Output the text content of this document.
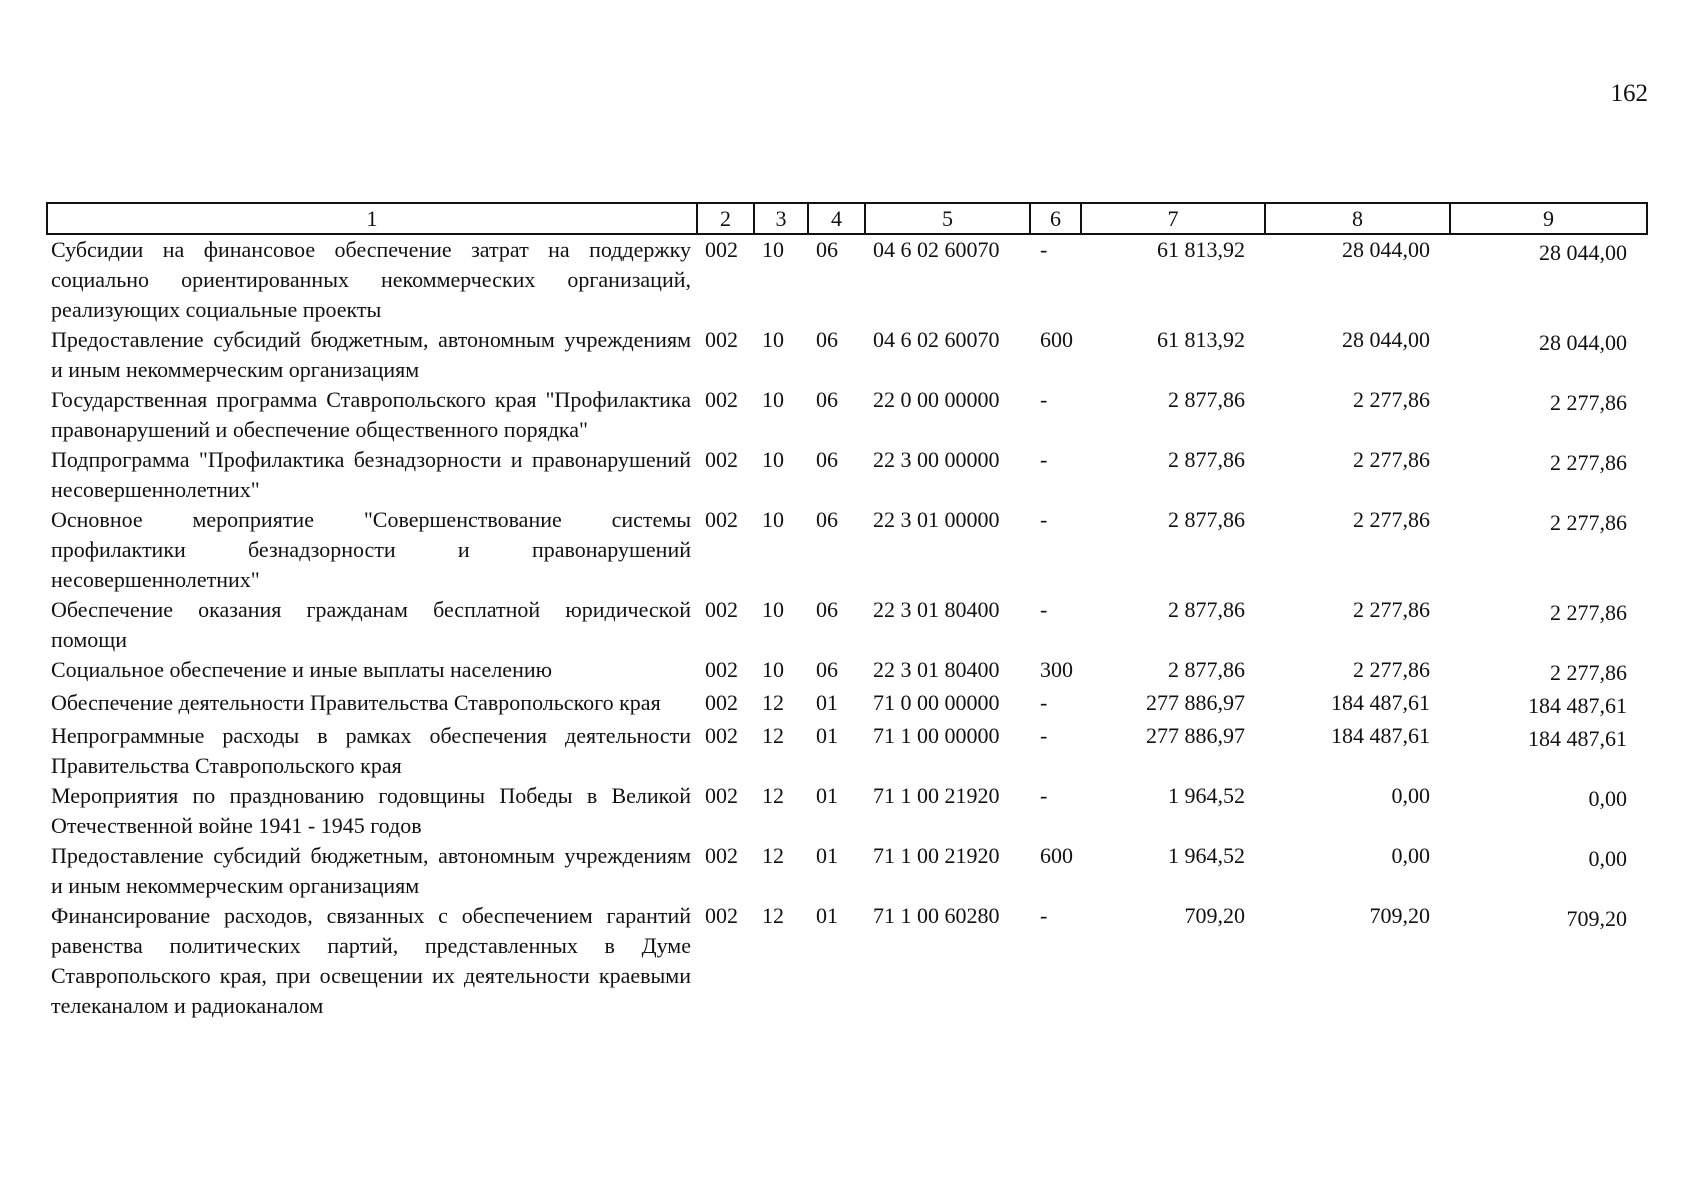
162
1	2	3	4	5	6	7	8	9
Субсидии на финансовое обеспечение затрат на поддержку социально ориентированных некоммерческих организаций, реализующих социальные проекты	002	10	06	04 6 02 60070	-	61 813,92	28 044,00	28 044,00
Предоставление субсидий бюджетным, автономным учреждениям и иным некоммерческим организациям	002	10	06	04 6 02 60070	600	61 813,92	28 044,00	28 044,00
Государственная программа Ставропольского края "Профилактика правонарушений и обеспечение общественного порядка"	002	10	06	22 0 00 00000	-	2 877,86	2 277,86	2 277,86
Подпрограмма "Профилактика безнадзорности и правонарушений несовершеннолетних"	002	10	06	22 3 00 00000	-	2 877,86	2 277,86	2 277,86
Основное мероприятие "Совершенствование системы профилактики безнадзорности и правонарушений несовершеннолетних"	002	10	06	22 3 01 00000	-	2 877,86	2 277,86	2 277,86
Обеспечение оказания гражданам бесплатной юридической помощи	002	10	06	22 3 01 80400	-	2 877,86	2 277,86	2 277,86
Социальное обеспечение и иные выплаты населению	002	10	06	22 3 01 80400	300	2 877,86	2 277,86	2 277,86
Обеспечение деятельности Правительства Ставропольского края	002	12	01	71 0 00 00000	-	277 886,97	184 487,61	184 487,61
Непрограммные расходы в рамках обеспечения деятельности Правительства Ставропольского края	002	12	01	71 1 00 00000	-	277 886,97	184 487,61	184 487,61
Мероприятия по празднованию годовщины Победы в Великой Отечественной войне 1941 - 1945 годов	002	12	01	71 1 00 21920	-	1 964,52	0,00	0,00
Предоставление субсидий бюджетным, автономным учреждениям и иным некоммерческим организациям	002	12	01	71 1 00 21920	600	1 964,52	0,00	0,00
Финансирование расходов, связанных с обеспечением гарантий равенства политических партий, представленных в Думе Ставропольского края, при освещении их деятельности краевыми телеканалом и радиоканалом	002	12	01	71 1 00 60280	-	709,20	709,20	709,20
